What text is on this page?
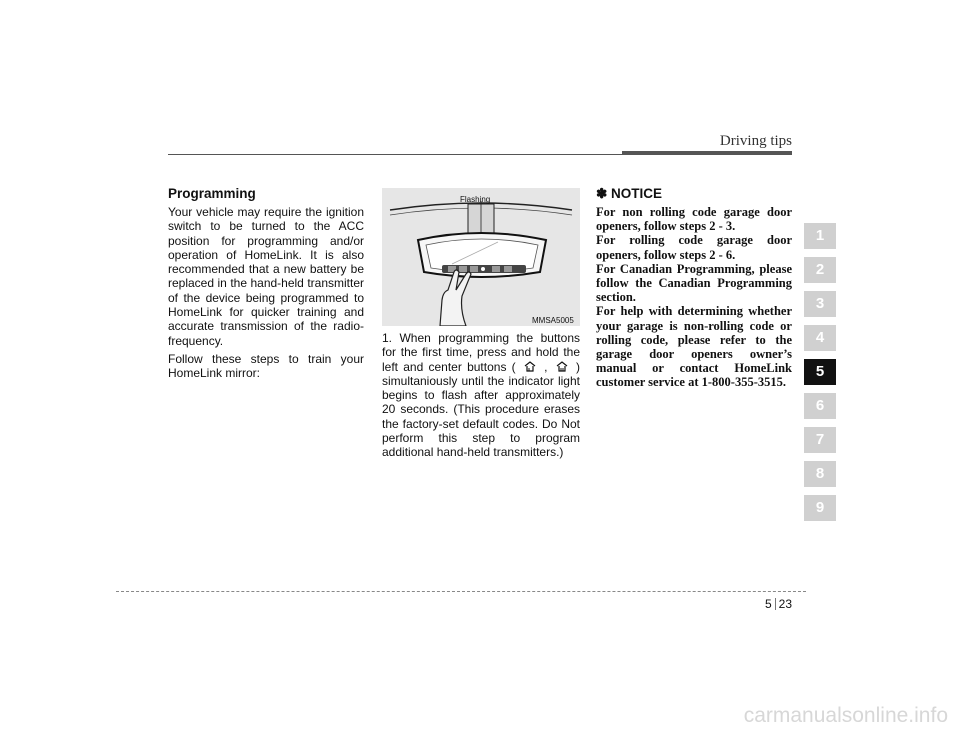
Driving tips
Programming

Your vehicle may require the ignition switch to be turned to the ACC position for programming and/or operation of HomeLink. It is also recommended that a new battery be replaced in the hand-held transmitter of the device being programmed to HomeLink for quicker training and accurate transmission of the radio-frequency.

Follow these steps to train your HomeLink mirror:

Flashing
MMSA5005

1. When programming the buttons for the first time, press and hold the left and center buttons ( , ) simultaniously until the indicator light begins to flash after approximately 20 seconds. (This procedure erases the factory-set default codes. Do Not perform this step to program additional hand-held transmitters.)

✽ NOTICE
For non rolling code garage door openers, follow steps 2 - 3.
For rolling code garage door openers, follow steps 2 - 6.
For Canadian Programming, please follow the Canadian Programming section.
For help with determining whether your garage is non-rolling code or rolling code, please refer to the garage door openers owner’s manual or contact HomeLink customer service at 1-800-355-3515.
1
2
3
4
5
6
7
8
9
5 23
carmanualsonline.info
